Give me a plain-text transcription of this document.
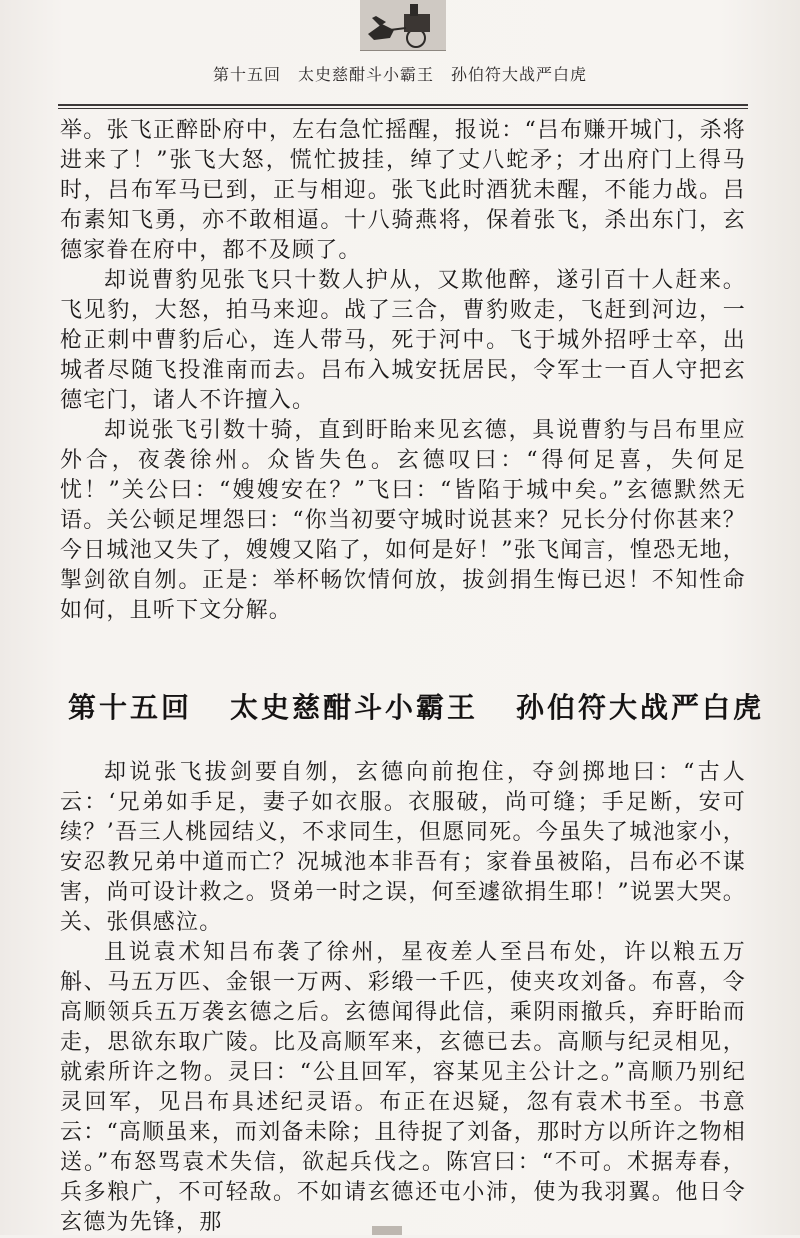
第十五回　太史慈酣斗小霸王　孙伯符大战严白虎

举。张飞正醉卧府中，左右急忙摇醒，报说：“吕布赚开城门，杀将进来了！”张飞大怒，慌忙披挂，绰了丈八蛇矛；才出府门上得马时，吕布军马已到，正与相迎。张飞此时酒犹未醒，不能力战。吕布素知飞勇，亦不敢相逼。十八骑燕将，保着张飞，杀出东门，玄德家眷在府中，都不及顾了。

却说曹豹见张飞只十数人护从，又欺他醉，遂引百十人赶来。飞见豹，大怒，拍马来迎。战了三合，曹豹败走，飞赶到河边，一枪正刺中曹豹后心，连人带马，死于河中。飞于城外招呼士卒，出城者尽随飞投淮南而去。吕布入城安抚居民，令军士一百人守把玄德宅门，诸人不许擅入。

却说张飞引数十骑，直到盱眙来见玄德，具说曹豹与吕布里应外合，夜袭徐州。众皆失色。玄德叹曰：“得何足喜，失何足忧！”关公曰：“嫂嫂安在？”飞曰：“皆陷于城中矣。”玄德默然无语。关公顿足埋怨曰：“你当初要守城时说甚来？兄长分付你甚来？今日城池又失了，嫂嫂又陷了，如何是好！”张飞闻言，惶恐无地，掣剑欲自刎。正是：举杯畅饮情何放，拔剑捐生悔已迟！不知性命如何，且听下文分解。

第十五回 太史慈酣斗小霸王 孙伯符大战严白虎

却说张飞拔剑要自刎，玄德向前抱住，夺剑掷地曰：“古人云：‘兄弟如手足，妻子如衣服。衣服破，尚可缝；手足断，安可续？’吾三人桃园结义，不求同生，但愿同死。今虽失了城池家小，安忍教兄弟中道而亡？况城池本非吾有；家眷虽被陷，吕布必不谋害，尚可设计救之。贤弟一时之误，何至遽欲捐生耶！”说罢大哭。关、张俱感泣。

且说袁术知吕布袭了徐州，星夜差人至吕布处，许以粮五万斛、马五万匹、金银一万两、彩缎一千匹，使夹攻刘备。布喜，令高顺领兵五万袭玄德之后。玄德闻得此信，乘阴雨撤兵，弃盱眙而走，思欲东取广陵。比及高顺军来，玄德已去。高顺与纪灵相见，就索所许之物。灵曰：“公且回军，容某见主公计之。”高顺乃别纪灵回军，见吕布具述纪灵语。布正在迟疑，忽有袁术书至。书意云：“高顺虽来，而刘备未除；且待捉了刘备，那时方以所许之物相送。”布怒骂袁术失信，欲起兵伐之。陈宫曰：“不可。术据寿春，兵多粮广，不可轻敌。不如请玄德还屯小沛，使为我羽翼。他日令玄德为先锋，那
